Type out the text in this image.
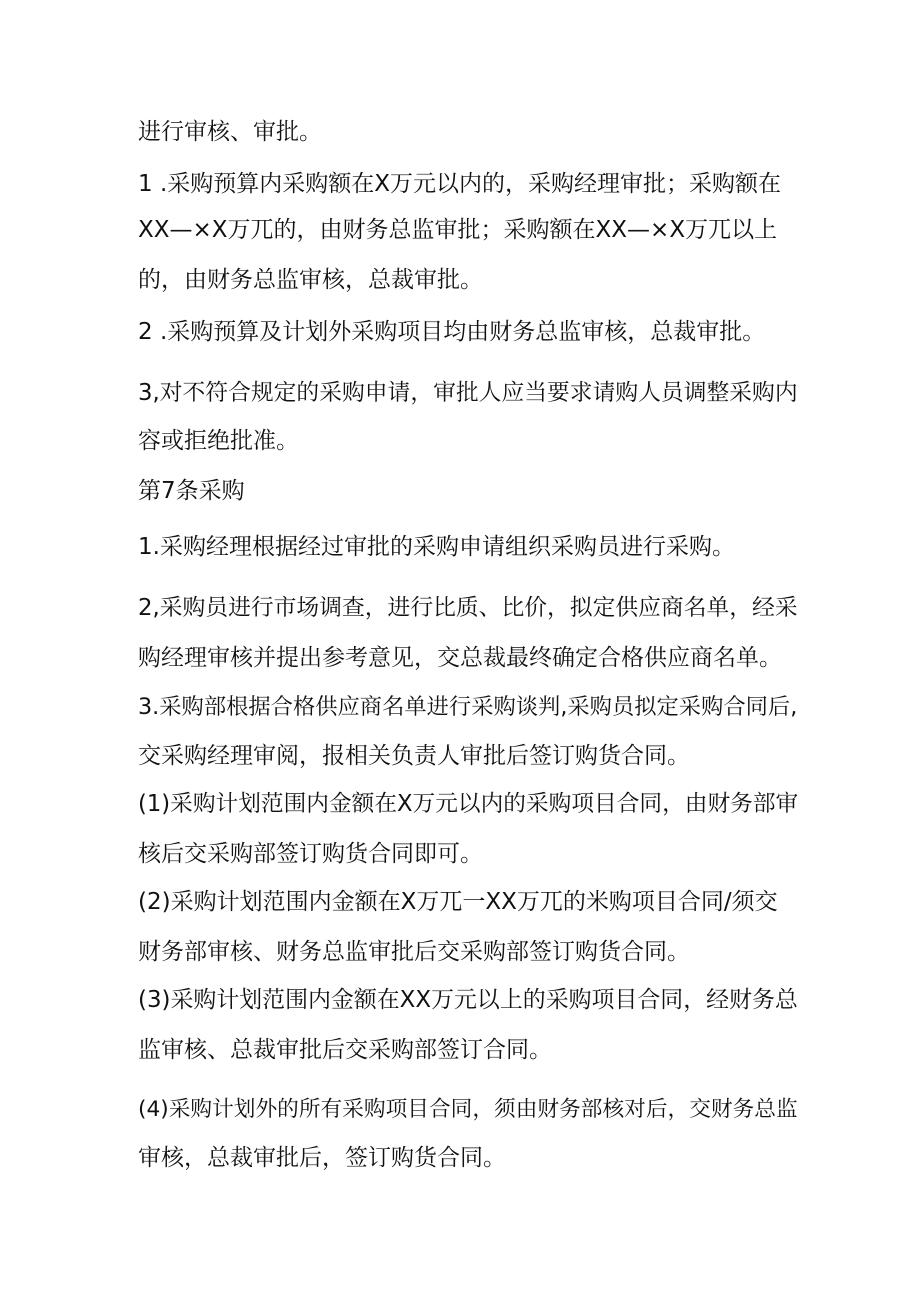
进行审核、审批。
1 .采购预算内采购额在X万元以内的，采购经理审批；采购额在
XX—×X万兀的，由财务总监审批；采购额在XX—×X万兀以上
的，由财务总监审核，总裁审批。
2 .采购预算及计划外采购项目均由财务总监审核，总裁审批。
3,对不符合规定的采购申请，审批人应当要求请购人员调整采购内
容或拒绝批准。
第7条采购
1.采购经理根据经过审批的采购申请组织采购员进行采购。
2,采购员进行市场调查，进行比质、比价，拟定供应商名单，经采
购经理审核并提出参考意见，交总裁最终确定合格供应商名单。
3.采购部根据合格供应商名单进行采购谈判,采购员拟定采购合同后,
交采购经理审阅，报相关负责人审批后签订购货合同。
(1)采购计划范围内金额在X万元以内的采购项目合同，由财务部审
核后交采购部签订购货合同即可。
(2)采购计划范围内金额在X万兀一XX万兀的米购项目合同/须交
财务部审核、财务总监审批后交采购部签订购货合同。
(3)采购计划范围内金额在XX万元以上的采购项目合同，经财务总
监审核、总裁审批后交采购部签订合同。
(4)采购计划外的所有采购项目合同，须由财务部核对后，交财务总监
审核，总裁审批后，签订购货合同。
